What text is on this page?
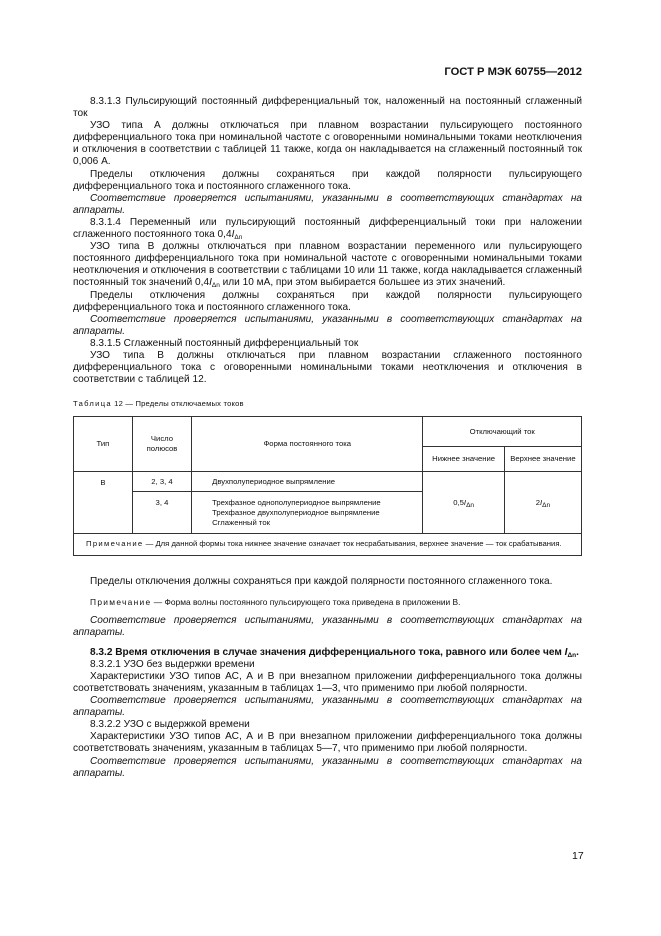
ГОСТ Р МЭК 60755—2012

8.3.1.3 Пульсирующий постоянный дифференциальный ток, наложенный на постоянный сглаженный ток

УЗО типа А должны отключаться при плавном возрастании пульсирующего постоянного дифференциального тока при номинальной частоте с оговоренными номинальными токами неотключения и отключения в соответствии с таблицей 11 также, когда он накладывается на сглаженный постоянный ток 0,006 А.

Пределы отключения должны сохраняться при каждой полярности пульсирующего дифференциального тока и постоянного сглаженного тока.

Соответствие проверяется испытаниями, указанными в соответствующих стандартах на аппараты.

8.3.1.4 Переменный или пульсирующий постоянный дифференциальный токи при наложении сглаженного постоянного тока $0,4I_{\Delta n}$

УЗО типа В должны отключаться при плавном возрастании переменного или пульсирующего постоянного дифференциального тока при номинальной частоте с оговоренными номинальными токами неотключения и отключения в соответствии с таблицами 10 или 11 также, когда накладывается сглаженный постоянный ток значений $0,4I_{\Delta n}$ или 10 мА, при этом выбирается большее из этих значений.

Пределы отключения должны сохраняться при каждой полярности пульсирующего дифференциального тока и постоянного сглаженного тока.

Соответствие проверяется испытаниями, указанными в соответствующих стандартах на аппараты.

8.3.1.5 Сглаженный постоянный дифференциальный ток

УЗО типа В должны отключаться при плавном возрастании сглаженного постоянного дифференциального тока с оговоренными номинальными токами неотключения и отключения в соответствии с таблицей 12.

Таблица 12 — Пределы отключаемых токов

Тип	Число полюсов	Форма постоянного тока	Отключающий ток	
			Нижнее значение	Верхнее значение
В	2, 3, 4	Двухполупериодное выпрямление	$0,5I_{\Delta n}$	$2I_{\Delta n}$
	3, 4	Трехфазное однополупериодное выпрямление
Трехфазное двухполупериодное выпрямление
Сглаженный ток		

Примечание — Для данной формы тока нижнее значение означает ток несрабатывания, верхнее значение — ток срабатывания.				

Пределы отключения должны сохраняться при каждой полярности постоянного сглаженного тока.

Примечание — Форма волны постоянного пульсирующего тока приведена в приложении В.

Соответствие проверяется испытаниями, указанными в соответствующих стандартах на аппараты.

8.3.2 Время отключения в случае значения дифференциального тока, равного или более чем $I_{\Delta n}$.

8.3.2.1 УЗО без выдержки времени

Характеристики УЗО типов АС, А и В при внезапном приложении дифференциального тока должны соответствовать значениям, указанным в таблицах 1—3, что применимо при любой полярности.

Соответствие проверяется испытаниями, указанными в соответствующих стандартах на аппараты.

8.3.2.2 УЗО с выдержкой времени

Характеристики УЗО типов АС, А и В при внезапном приложении дифференциального тока должны соответствовать значениям, указанным в таблицах 5—7, что применимо при любой полярности.

Соответствие проверяется испытаниями, указанными в соответствующих стандартах на аппараты.

17
